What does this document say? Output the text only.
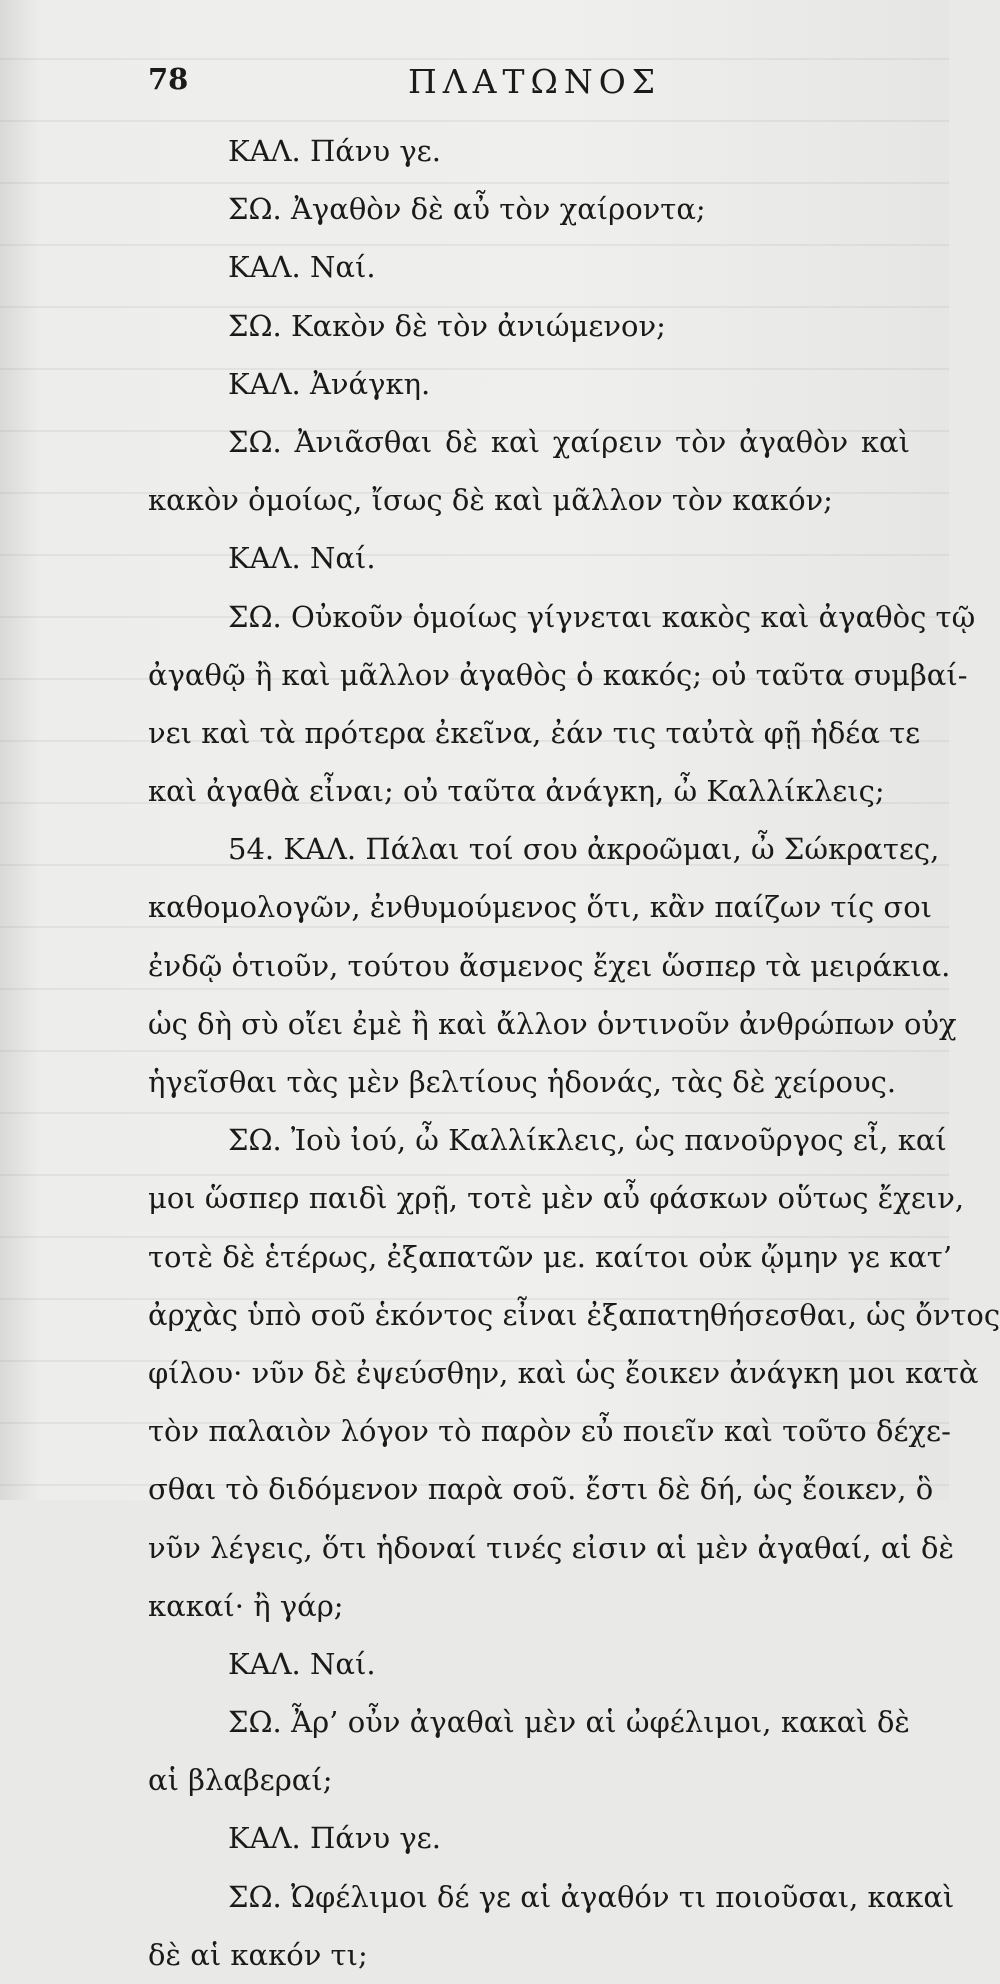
78	ΠΛΑΤΩΝΟΣ
ΚΑΛ. Πάνυ γε.
ΣΩ. Ἀγαθὸν δὲ αὖ τὸν χαίροντα;
ΚΑΛ. Ναί.
ΣΩ. Κακὸν δὲ τὸν ἀνιώμενον;
ΚΑΛ. Ἀνάγκη.
ΣΩ. Ἀνιᾶσθαι δὲ καὶ χαίρειν τὸν ἀγαθὸν καὶ
κακὸν ὁμοίως, ἴσως δὲ καὶ μᾶλλον τὸν κακόν;
ΚΑΛ. Ναί.
ΣΩ. Οὐκοῦν ὁμοίως γίγνεται κακὸς καὶ ἀγαθὸς τῷ
ἀγαθῷ ἢ καὶ μᾶλλον ἀγαθὸς ὁ κακός; οὐ ταῦτα συμβαί-
νει καὶ τὰ πρότερα ἐκεῖνα, ἐάν τις ταὐτὰ φῇ ἡδέα τε
καὶ ἀγαθὰ εἶναι; οὐ ταῦτα ἀνάγκη, ὦ Καλλίκλεις;
54. ΚΑΛ. Πάλαι τοί σου ἀκροῶμαι, ὦ Σώκρατες,
καθομολογῶν, ἐνθυμούμενος ὅτι, κἂν παίζων τίς σοι
ἐνδῷ ὁτιοῦν, τούτου ἄσμενος ἔχει ὥσπερ τὰ μειράκια.
ὡς δὴ σὺ οἴει ἐμὲ ἢ καὶ ἄλλον ὁντινοῦν ἀνθρώπων οὐχ
ἡγεῖσθαι τὰς μὲν βελτίους ἡδονάς, τὰς δὲ χείρους.
ΣΩ. Ἰοὺ ἰού, ὦ Καλλίκλεις, ὡς πανοῦργος εἶ, καί
μοι ὥσπερ παιδὶ χρῇ, τοτὲ μὲν αὖ φάσκων οὕτως ἔχειν,
τοτὲ δὲ ἑτέρως, ἐξαπατῶν με. καίτοι οὐκ ᾤμην γε κατ’
ἀρχὰς ὑπὸ σοῦ ἑκόντος εἶναι ἐξαπατηθήσεσθαι, ὡς ὄντος
φίλου· νῦν δὲ ἐψεύσθην, καὶ ὡς ἔοικεν ἀνάγκη μοι κατὰ
τὸν παλαιὸν λόγον τὸ παρὸν εὖ ποιεῖν καὶ τοῦτο δέχε-
σθαι τὸ διδόμενον παρὰ σοῦ. ἔστι δὲ δή, ὡς ἔοικεν, ὃ
νῦν λέγεις, ὅτι ἡδοναί τινές εἰσιν αἱ μὲν ἀγαθαί, αἱ δὲ
κακαί· ἢ γάρ;
ΚΑΛ. Ναί.
ΣΩ. Ἆρ’ οὖν ἀγαθαὶ μὲν αἱ ὠφέλιμοι, κακαὶ δὲ
αἱ βλαβεραί;
ΚΑΛ. Πάνυ γε.
ΣΩ. Ὠφέλιμοι δέ γε αἱ ἀγαθόν τι ποιοῦσαι, κακαὶ
δὲ αἱ κακόν τι;
